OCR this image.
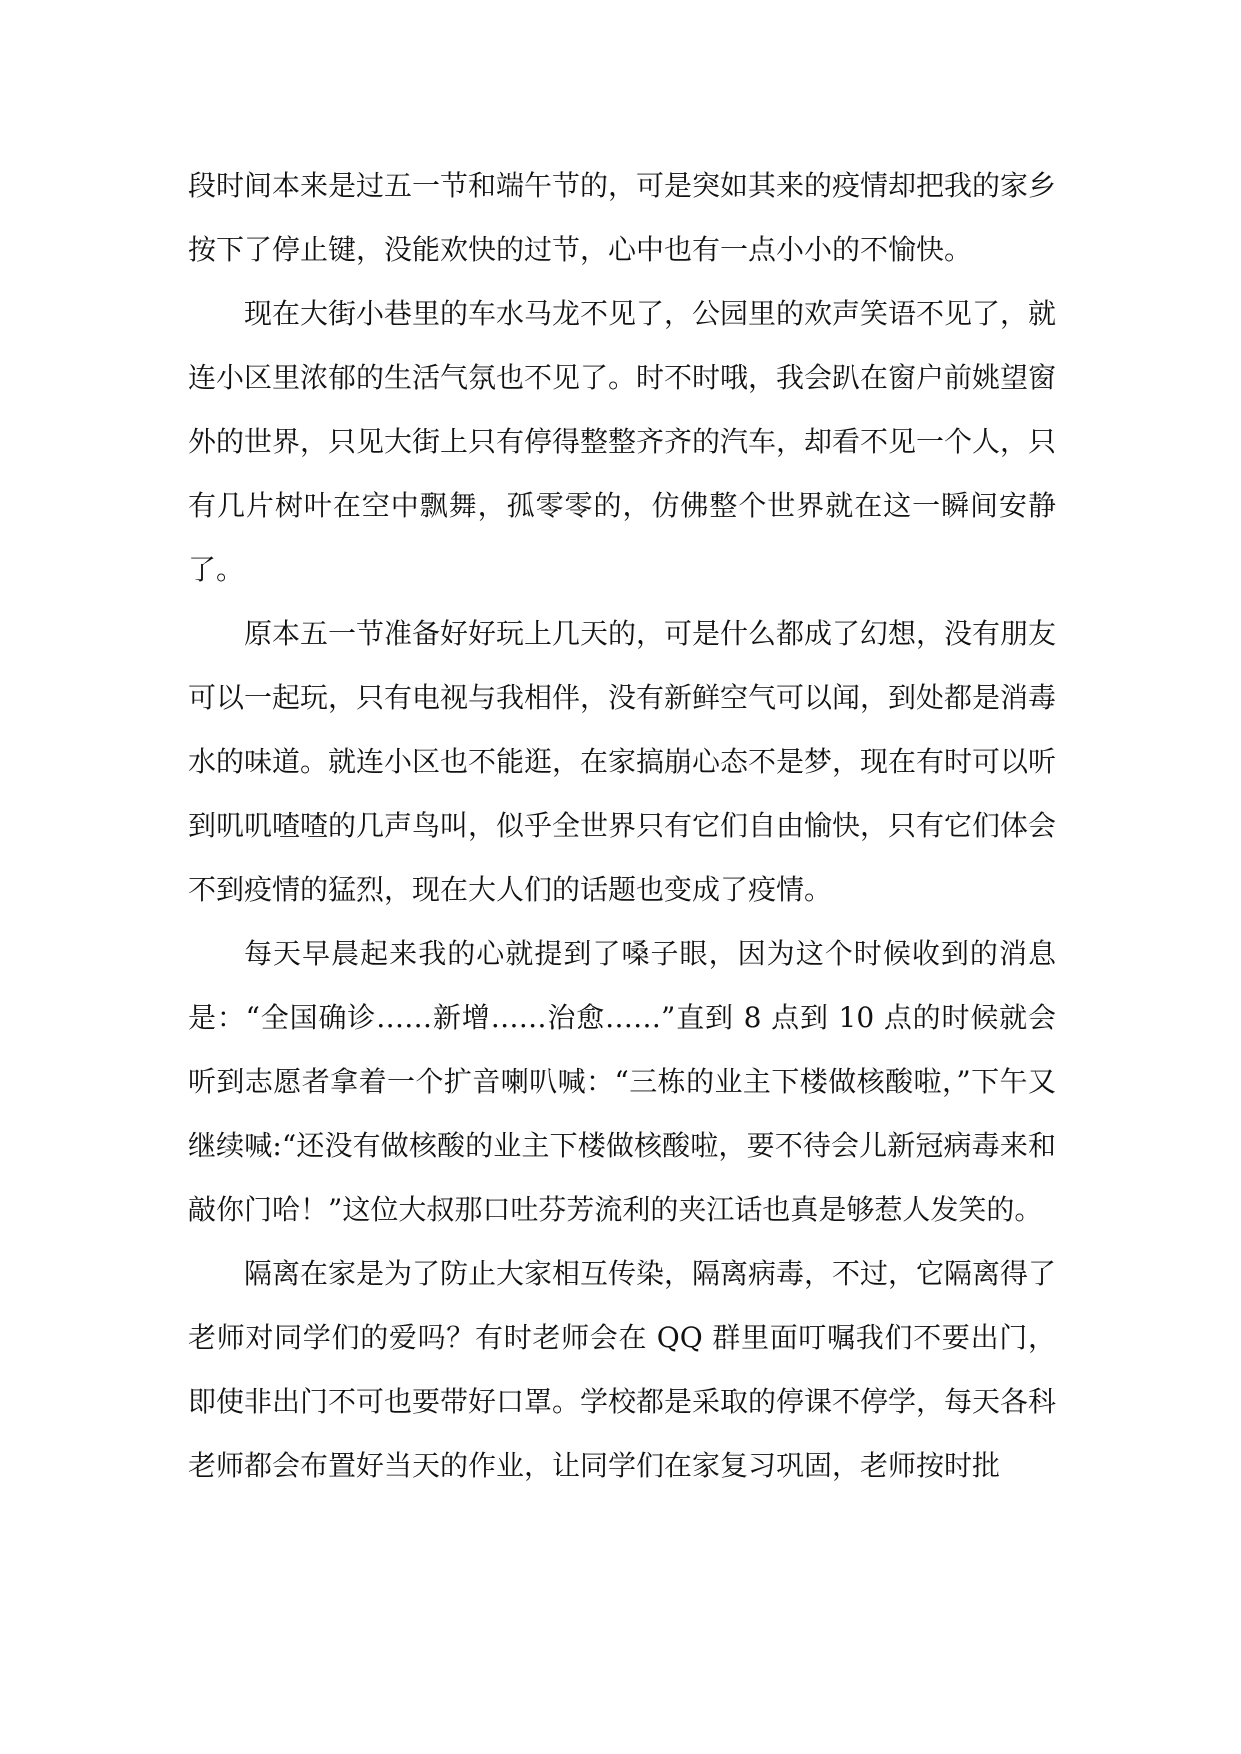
段时间本来是过五一节和端午节的，可是突如其来的疫情却把我的家乡按下了停止键，没能欢快的过节，心中也有一点小小的不愉快。

现在大街小巷里的车水马龙不见了，公园里的欢声笑语不见了，就连小区里浓郁的生活气氛也不见了。时不时哦，我会趴在窗户前姚望窗外的世界，只见大街上只有停得整整齐齐的汽车，却看不见一个人，只有几片树叶在空中飘舞，孤零零的，仿佛整个世界就在这一瞬间安静了。

原本五一节准备好好玩上几天的，可是什么都成了幻想，没有朋友可以一起玩，只有电视与我相伴，没有新鲜空气可以闻，到处都是消毒水的味道。就连小区也不能逛，在家搞崩心态不是梦，现在有时可以听到叽叽喳喳的几声鸟叫，似乎全世界只有它们自由愉快，只有它们体会不到疫情的猛烈，现在大人们的话题也变成了疫情。

每天早晨起来我的心就提到了嗓子眼，因为这个时候收到的消息是：“全国确诊……新增……治愈……”直到 8 点到 10 点的时候就会听到志愿者拿着一个扩音喇叭喊：“三栋的业主下楼做核酸啦，”下午又继续喊:“还没有做核酸的业主下楼做核酸啦，要不待会儿新冠病毒来和敲你门哈！”这位大叔那口吐芬芳流利的夹江话也真是够惹人发笑的。

隔离在家是为了防止大家相互传染，隔离病毒，不过，它隔离得了老师对同学们的爱吗？有时老师会在 QQ 群里面叮嘱我们不要出门，即使非出门不可也要带好口罩。学校都是采取的停课不停学，每天各科老师都会布置好当天的作业，让同学们在家复习巩固，老师按时批
